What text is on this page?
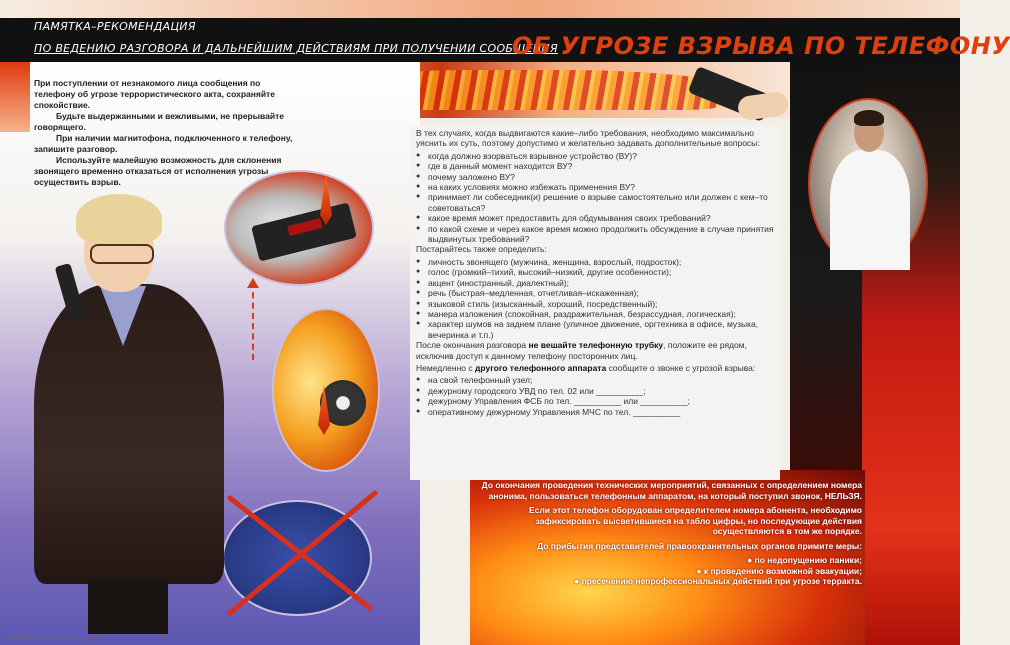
ПАМЯТКА–РЕКОМЕНДАЦИЯ
ПО ВЕДЕНИЮ РАЗГОВОРА И ДАЛЬНЕЙШИМ ДЕЙСТВИЯМ ПРИ ПОЛУЧЕНИИ СООБЩЕНИЯ
ОБ УГРОЗЕ ВЗРЫВА ПО ТЕЛЕФОНУ

При поступлении от незнакомого лица сообщения по телефону об угрозе террористического акта, сохраняйте спокойствие.

Будьте выдержанными и вежливыми, не прерывайте говорящего.

При наличии магнитофона, подключенного к телефону, запишите разговор.

Используйте малейшую возможность для склонения звонящего временно отказаться от исполнения угрозы осуществить взрыв.

В тех случаях, когда выдвигаются какие–либо требования, необходимо максимально уяснить их суть, поэтому допустимо и желательно задавать дополнительные вопросы:

● когда должно взорваться взрывное устройство (ВУ)?
● где в данный момент находится ВУ?
● почему заложено ВУ?
● на каких условиях можно избежать применения ВУ?
● принимает ли собеседник(и) решение о взрыве самостоятельно или должен с кем–то советоваться?
● какое время может предоставить для обдумывания своих требований?
● по какой схеме и через какое время можно продолжить обсуждение в случае принятия выдвинутых требований?

Постарайтесь также определить:

● личность звонящего (мужчина, женщина, взрослый, подросток);
● голос (громкий–тихий, высокий–низкий, другие особенности);
● акцент (иностранный, диалектный);
● речь (быстрая–медленная, отчетливая–искаженная);
● языковой стиль (изысканный, хороший, посредственный);
● манера изложения (спокойная, раздражительная, безрассудная, логическая);
● характер шумов на заднем плане (уличное движение, оргтехника в офисе, музыка, вечеринка и т.п.)

После окончания разговора не вешайте телефонную трубку, положите ее рядом, исключив доступ к данному телефону посторонних лиц.

Немедленно с другого телефонного аппарата сообщите о звонке с угрозой взрыва:

● на свой телефонный узел;
● дежурному городского УВД по тел. 02 или __________;
● дежурному Управления ФСБ по тел. __________ или __________;
● оперативному дежурному Управления МЧС по тел. __________

До окончания проведения технических мероприятий, связанных с определением номера анонима, пользоваться телефонным аппаратом, на который поступил звонок, НЕЛЬЗЯ.

Если этот телефон оборудован определителем номера абонента, необходимо зафиксировать высветившиеся на табло цифры, но последующие действия осуществляются в том же порядке.

До прибытия представителей правоохранительных органов примите меры:

● по недопущению паники;
● к проведению возможной эвакуации;
● пресечению непрофессиональных действий при угрозе терракта.
Копировать 4 АЗ экз. зака. Тираж 3
